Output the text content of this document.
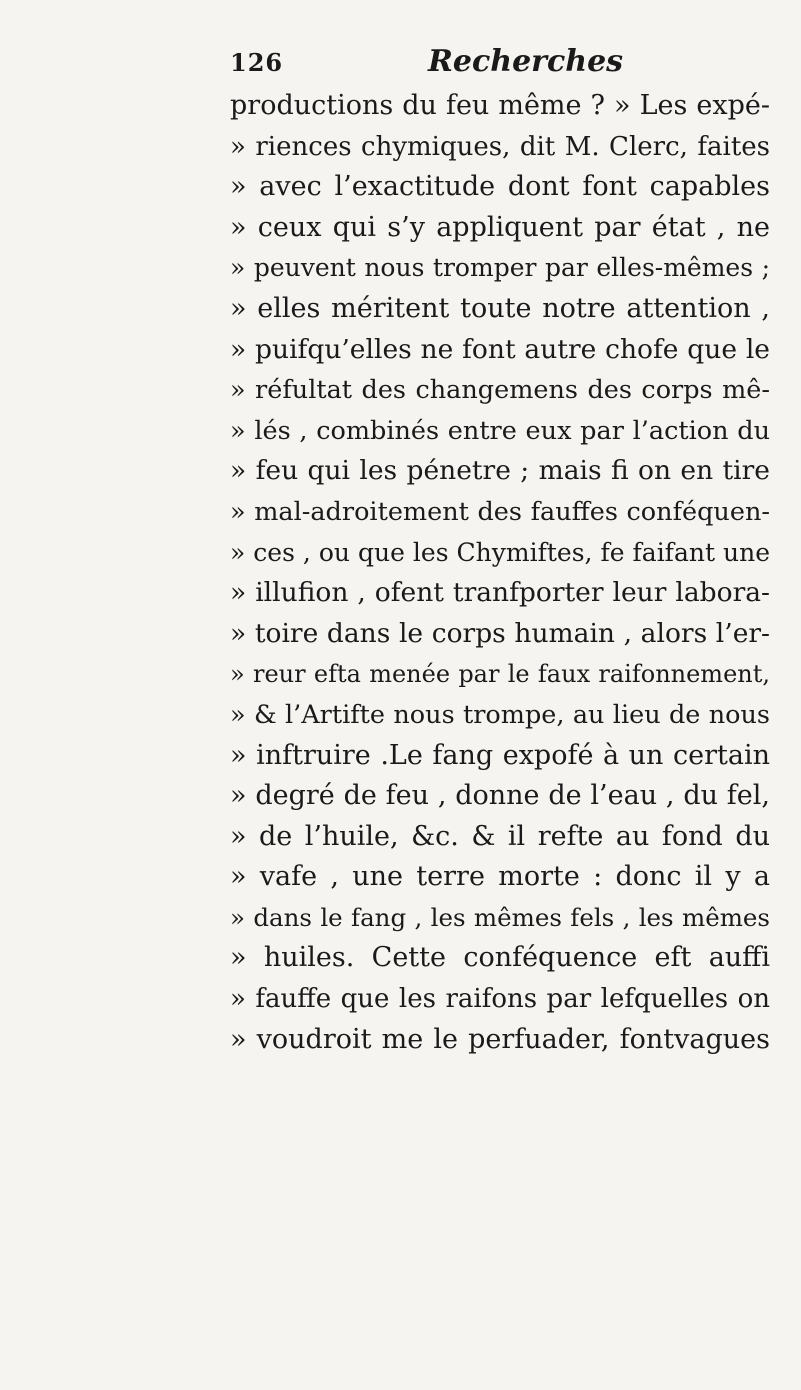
126	Recherches
productions du feu même ? » Les expé-
» riences chymiques, dit M. Clerc, faites
» avec l’exactitude dont font capables
» ceux qui s’y appliquent par état , ne
» peuvent nous tromper par elles-mêmes ;
» elles méritent toute notre attention ,
» puifqu’elles ne font autre chofe que le
» réfultat des changemens des corps mê-
» lés , combinés entre eux par l’action du
» feu qui les pénetre ; mais fi on en tire
» mal-adroitement des fauffes conféquen-
» ces , ou que les Chymiftes, fe faifant une
» illufion , ofent tranfporter leur labora-
» toire dans le corps humain , alors l’er-
» reur efta menée par le faux raifonnement,
» & l’Artifte nous trompe, au lieu de nous
» inftruire .Le fang expofé à un certain
» degré de feu , donne de l’eau , du fel,
» de l’huile, &c. & il refte au fond du
» vafe , une terre morte : donc il y a
» dans le fang , les mêmes fels , les mêmes
» huiles. Cette conféquence eft auffi
» fauffe que les raifons par lefquelles on
» voudroit me le perfuader, fontvagues
